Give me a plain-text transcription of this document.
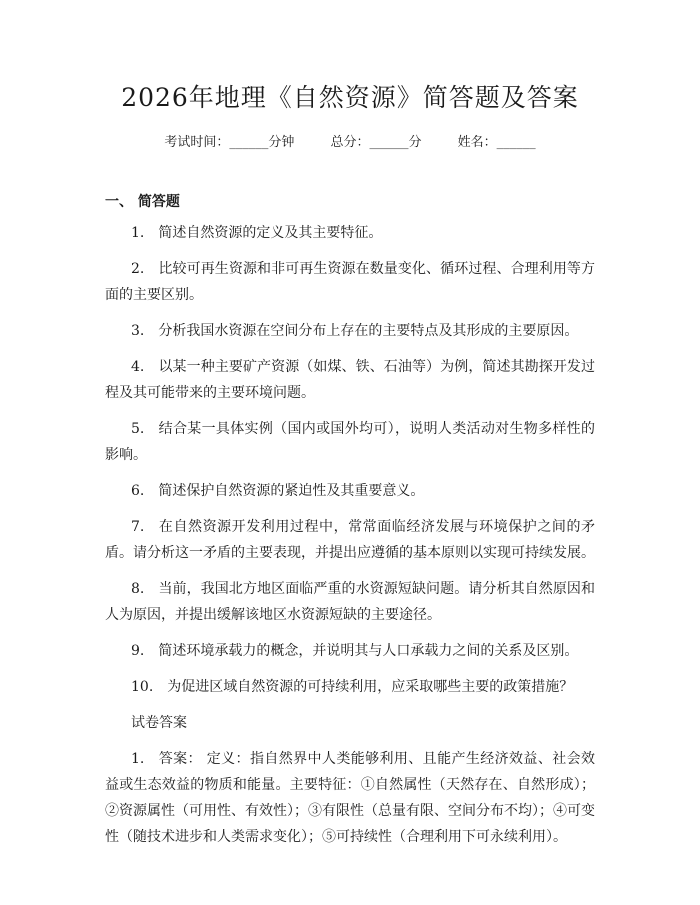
2026年地理《自然资源》简答题及答案
考试时间：______分钟	总分：______分	姓名：______
一、 简答题

1. 简述自然资源的定义及其主要特征。

2. 比较可再生资源和非可再生资源在数量变化、循环过程、合理利用等方面的主要区别。

3. 分析我国水资源在空间分布上存在的主要特点及其形成的主要原因。

4. 以某一种主要矿产资源（如煤、铁、石油等）为例，简述其勘探开发过程及其可能带来的主要环境问题。

5. 结合某一具体实例（国内或国外均可），说明人类活动对生物多样性的影响。

6. 简述保护自然资源的紧迫性及其重要意义。

7. 在自然资源开发利用过程中，常常面临经济发展与环境保护之间的矛盾。请分析这一矛盾的主要表现，并提出应遵循的基本原则以实现可持续发展。

8. 当前，我国北方地区面临严重的水资源短缺问题。请分析其自然原因和人为原因，并提出缓解该地区水资源短缺的主要途径。

9. 简述环境承载力的概念，并说明其与人口承载力之间的关系及区别。

10. 为促进区域自然资源的可持续利用，应采取哪些主要的政策措施？

试卷答案

1. 答案： 定义：指自然界中人类能够利用、且能产生经济效益、社会效益或生态效益的物质和能量。主要特征：①自然属性（天然存在、自然形成）；②资源属性（可用性、有效性）；③有限性（总量有限、空间分布不均）；④可变性（随技术进步和人类需求变化）；⑤可持续性（合理利用下可永续利用）。
